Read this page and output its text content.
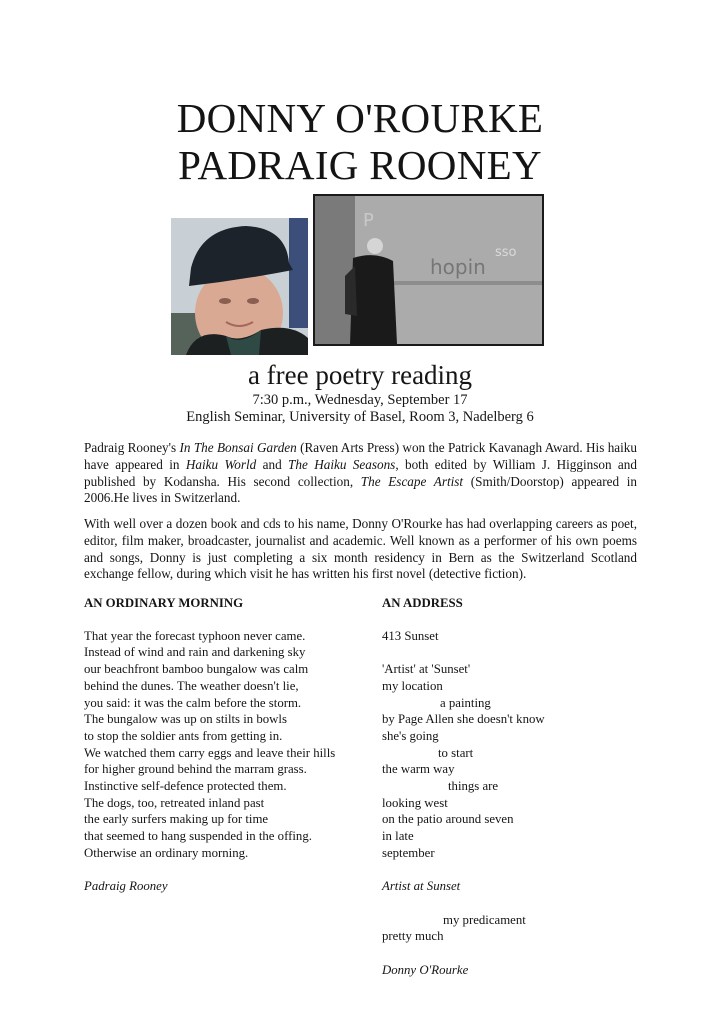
DONNY O'ROURKE
PADRAIG ROONEY
hopin
sso
P
a free poetry reading
7:30 p.m., Wednesday, September 17
English Seminar, University of Basel, Room 3, Nadelberg 6
Padraig Rooney's In The Bonsai Garden (Raven Arts Press) won the Patrick Kavanagh Award. His haiku have appeared in Haiku World and The Haiku Seasons, both edited by William J. Higginson and published by Kodansha. His second collection, The Escape Artist (Smith/Doorstop) appeared in 2006.He lives in Switzerland.
With well over a dozen book and cds to his name, Donny O'Rourke has had overlapping careers as poet, editor, film maker, broadcaster, journalist and academic. Well known as a performer of his own poems and songs, Donny is just completing a six month residency in Bern as the Switzerland Scotland exchange fellow, during which visit he has written his first novel (detective fiction).
AN ORDINARY MORNING
That year the forecast typhoon never came.
Instead of wind and rain and darkening sky
our beachfront bamboo bungalow was calm
behind the dunes. The weather doesn't lie,
you said: it was the calm before the storm.
The bungalow was up on stilts in bowls
to stop the soldier ants from getting in.
We watched them carry eggs and leave their hills
for higher ground behind the marram grass.
Instinctive self-defence protected them.
The dogs, too, retreated inland past
the early surfers making up for time
that seemed to hang suspended in the offing.
Otherwise an ordinary morning.
Padraig Rooney
AN ADDRESS
413 Sunset
'Artist' at 'Sunset'
my location
a painting
by Page Allen she doesn't know
she's going
to start
the warm way
things are
looking west
on the patio around seven
in late
september
Artist at Sunset
my predicament
pretty much
Donny O'Rourke
